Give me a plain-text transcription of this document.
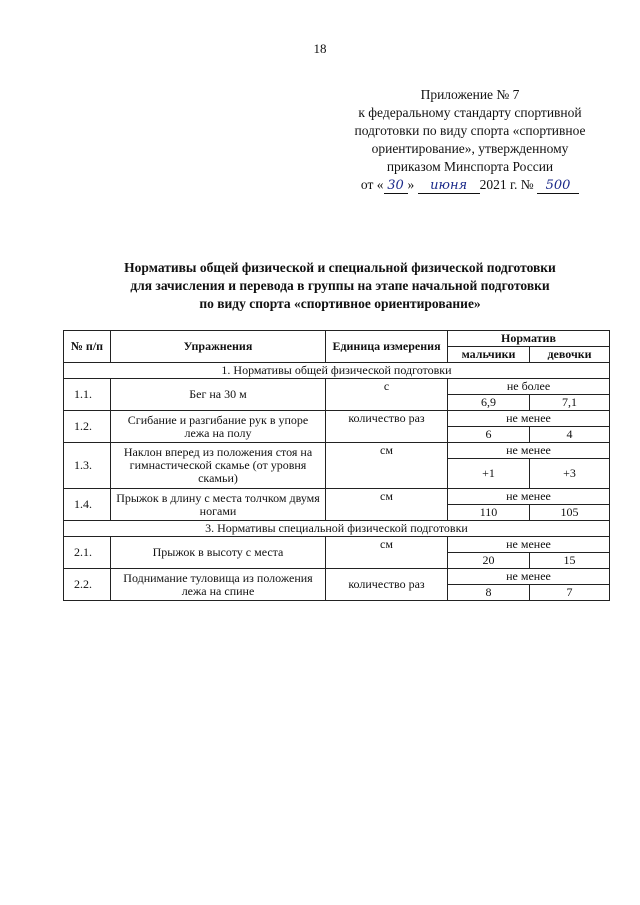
18
Приложение № 7
к федеральному стандарту спортивной
подготовки по виду спорта «спортивное
ориентирование», утвержденному
приказом Минспорта России
от « 30 » июня 2021 г. № 500
Нормативы общей физической и специальной физической подготовки
для зачисления и перевода в группы на этапе начальной подготовки
по виду спорта «спортивное ориентирование»
№ п/п	Упражнения	Единица измерения	Норматив	
			мальчики	девочки
1. Нормативы общей физической подготовки				
1.1.	Бег на 30 м	с	не более	
			6,9	7,1
1.2.	Сгибание и разгибание рук в упоре лежа на полу	количество раз	не менее	
			6	4
1.3.	Наклон вперед из положения стоя на гимнастической скамье (от уровня скамьи)	см	не менее	
			+1	+3
1.4.	Прыжок в длину с места толчком двумя ногами	см	не менее	
			110	105
3. Нормативы специальной физической подготовки				
2.1.	Прыжок в высоту с места	см	не менее	
			20	15
2.2.	Поднимание туловища из положения лежа на спине	количество раз	не менее	
			8	7
